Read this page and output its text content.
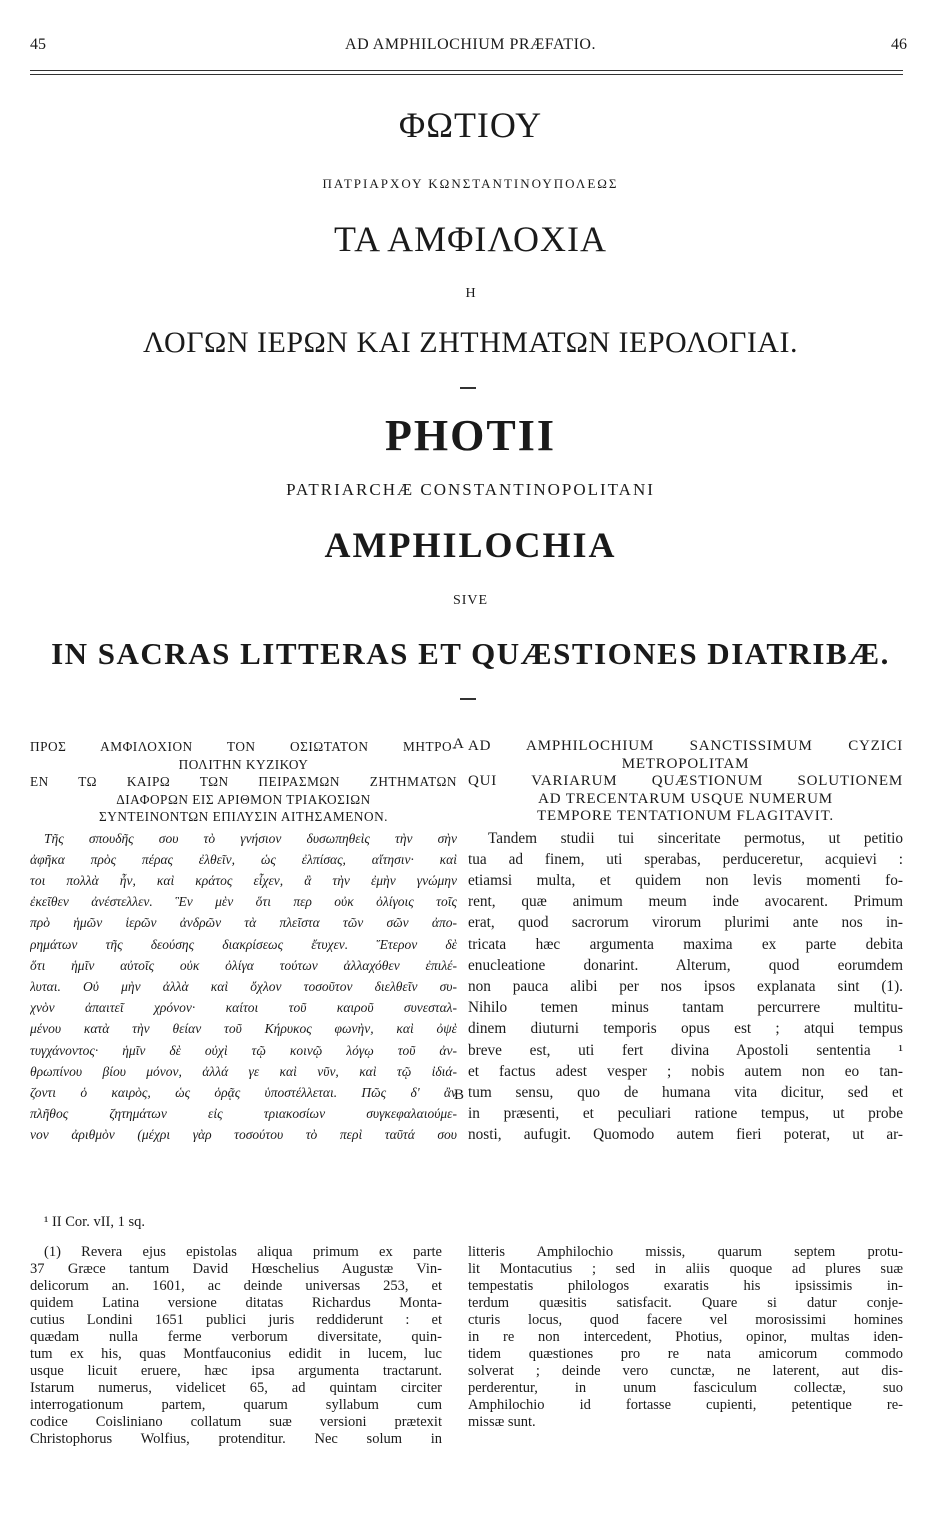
45	AD AMPHILOCHIUM PRÆFATIO.	46
ΦΩΤΙΟΥ
ΠΑΤΡΙΑΡΧΟΥ ΚΩΝΣΤΑΝΤΙΝΟΥΠΟΛΕΩΣ
ΤΑ ΑΜΦΙΛΟΧΙΑ
Η
ΛΟΓΩΝ ΙΕΡΩΝ ΚΑΙ ΖΗΤΗΜΑΤΩΝ ΙΕΡΟΛΟΓΙΑΙ.
PHOTII
PATRIARCHÆ CONSTANTINOPOLITANI
AMPHILOCHIA
SIVE
IN SACRAS LITTERAS ET QUÆSTIONES DIATRIBÆ.
A
B
ΠΡΟΣ ΑΜΦΙΛΟΧΙΟΝ ΤΟΝ ΟΣΙΩΤΑΤΟΝ ΜΗΤΡΟ-
ΠΟΛΙΤΗΝ ΚΥΖΙΚΟΥ
ΕΝ ΤΩ ΚΑΙΡΩ ΤΩΝ ΠΕΙΡΑΣΜΩΝ ΖΗΤΗΜΑΤΩΝ
ΔΙΑΦΟΡΩΝ ΕΙΣ ΑΡΙΘΜΟΝ ΤΡΙΑΚΟΣΙΩΝ
ΣΥΝΤΕΙΝΟΝΤΩΝ ΕΠΙΛΥΣΙΝ ΑΙΤΗΣΑΜΕΝΟΝ.
Τῆς σπουδῆς σου τὸ γνήσιον δυσωπηθεὶς τὴν σὴν
ἀφῆκα πρὸς πέρας ἐλθεῖν, ὡς ἐλπίσας, αἴτησιν· καὶ
τοι πολλὰ ἦν, καὶ κράτος εἶχεν, ἃ τὴν ἐμὴν γνώμην
ἐκεῖθεν ἀνέστελλεν. Ἓν μὲν ὅτι περ οὐκ ὀλίγοις τοῖς
πρὸ ἡμῶν ἱερῶν ἀνδρῶν τὰ πλεῖστα τῶν σῶν ἀπο-
ρημάτων τῆς δεούσης διακρίσεως ἔτυχεν. Ἕτερον δὲ
ὅτι ἡμῖν αὐτοῖς οὐκ ὀλίγα τούτων ἀλλαχόθεν ἐπιλέ-
λυται. Οὐ μὴν ἀλλὰ καὶ ὄχλον τοσοῦτον διελθεῖν συ-
χνὸν ἀπαιτεῖ χρόνον· καίτοι τοῦ καιροῦ συνεσταλ-
μένου κατὰ τὴν θείαν τοῦ Κήρυκος φωνὴν, καὶ ὀψὲ
τυγχάνοντος· ἡμῖν δὲ οὐχὶ τῷ κοινῷ λόγῳ τοῦ ἀν-
θρωπίνου βίου μόνον, ἀλλά γε καὶ νῦν, καὶ τῷ ἰδιά-
ζοντι ὁ καιρὸς, ὡς ὁρᾷς ὑποστέλλεται. Πῶς δ' ἂν
πλῆθος ζητημάτων εἰς τριακοσίων συγκεφαλαιούμε-
νον ἀριθμὸν (μέχρι γὰρ τοσούτου τὸ περὶ ταῦτά σου
AD AMPHILOCHIUM SANCTISSIMUM CYZICI
METROPOLITAM
QUI VARIARUM QUÆSTIONUM SOLUTIONEM
AD TRECENTARUM USQUE NUMERUM
TEMPORE TENTATIONUM FLAGITAVIT.
Tandem studii tui sinceritate permotus, ut petitio
tua ad finem, uti sperabas, perduceretur, acquievi :
etiamsi multa, et quidem non levis momenti fo-
rent, quæ animum meum inde avocarent. Primum
erat, quod sacrorum virorum plurimi ante nos in-
tricata hæc argumenta maxima ex parte debita
enucleatione donarint. Alterum, quod eorumdem
non pauca alibi per nos ipsos explanata sint (1).
Nihilo temen minus tantam percurrere multitu-
dinem diuturni temporis opus est ; atqui tempus
breve est, uti fert divina Apostoli sententia ¹
et factus adest vesper ; nobis autem non eo tan-
tum sensu, quo de humana vita dicitur, sed et
in præsenti, et peculiari ratione tempus, ut probe
nosti, aufugit. Quomodo autem fieri poterat, ut ar-
¹ II Cor. vII, 1 sq.
(1) Revera ejus epistolas aliqua primum ex parte
37 Græce tantum David Hœschelius Augustæ Vin-
delicorum an. 1601, ac deinde universas 253, et
quidem Latina versione ditatas Richardus Monta-
cutius Londini 1651 publici juris reddiderunt : et
quædam nulla ferme verborum diversitate, quin-
tum ex his, quas Montfauconius edidit in lucem, luc
usque licuit eruere, hæc ipsa argumenta tractarunt.
Istarum numerus, videlicet 65, ad quintam circiter
interrogationum partem, quarum syllabum cum
codice Coisliniano collatum suæ versioni prætexit
Christophorus Wolfius, protenditur. Nec solum in
litteris Amphilochio missis, quarum septem protu-
lit Montacutius ; sed in aliis quoque ad plures suæ
tempestatis philologos exaratis his ipsissimis in-
terdum quæsitis satisfacit. Quare si datur conje-
cturis locus, quod facere vel morosissimi homines
in re non intercedent, Photius, opinor, multas iden-
tidem quæstiones pro re nata amicorum commodo
solverat ; deinde vero cunctæ, ne laterent, aut dis-
perderentur, in unum fasciculum collectæ, suo
Amphilochio id fortasse cupienti, petentique re-
missæ sunt.
